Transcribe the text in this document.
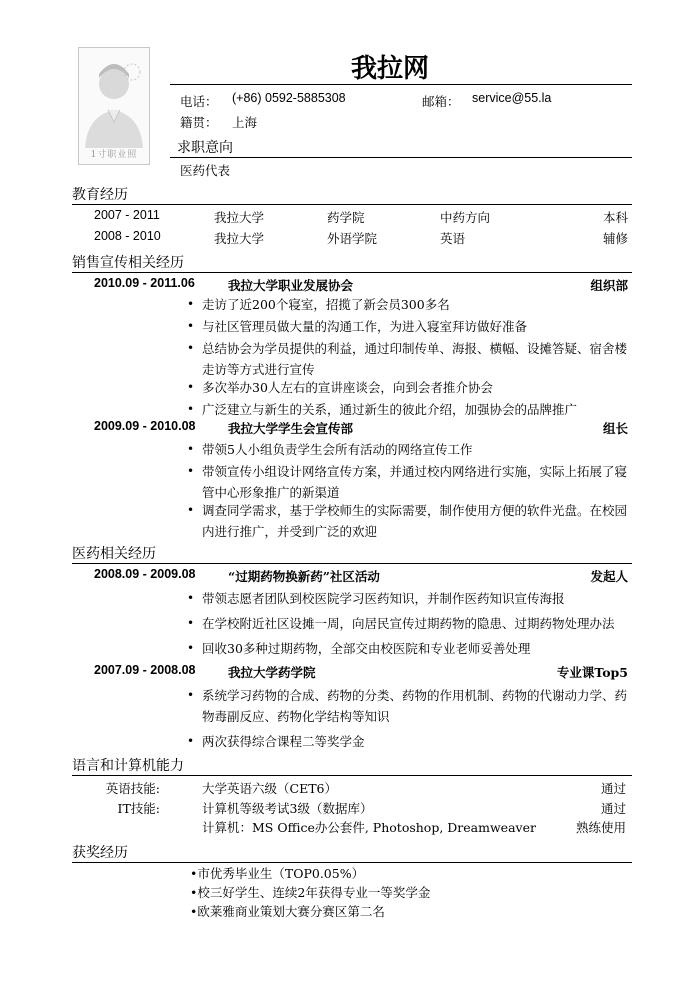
1寸职业照
我拉网
电话： (+86) 0592-5885308	邮箱： service@55.la
籍贯： 上海
求职意向
医药代表
教育经历
2007 - 2011	我拉大学	药学院	中药方向	本科
2008 - 2010	我拉大学	外语学院	英语	辅修
销售宣传相关经历
2010.09 - 2011.06	我拉大学职业发展协会	组织部
• 走访了近200个寝室，招揽了新会员300多名
• 与社区管理员做大量的沟通工作，为进入寝室拜访做好准备
• 总结协会为学员提供的利益，通过印制传单、海报、横幅、设摊答疑、宿舍楼走访等方式进行宣传
• 多次举办30人左右的宣讲座谈会，向到会者推介协会
• 广泛建立与新生的关系，通过新生的彼此介绍，加强协会的品牌推广
2009.09 - 2010.08	我拉大学学生会宣传部	组长
• 带领5人小组负责学生会所有活动的网络宣传工作
• 带领宣传小组设计网络宣传方案，并通过校内网络进行实施，实际上拓展了寝管中心形象推广的新渠道
• 调查同学需求，基于学校师生的实际需要，制作使用方便的软件光盘。在校园内进行推广，并受到广泛的欢迎
医药相关经历
2008.09 - 2009.08	“过期药物换新药”社区活动	发起人
• 带领志愿者团队到校医院学习医药知识，并制作医药知识宣传海报
• 在学校附近社区设摊一周，向居民宣传过期药物的隐患、过期药物处理办法
• 回收30多种过期药物，全部交由校医院和专业老师妥善处理
2007.09 - 2008.08	我拉大学药学院	专业课Top5
• 系统学习药物的合成、药物的分类、药物的作用机制、药物的代谢动力学、药物毒副反应、药物化学结构等知识
• 两次获得综合课程二等奖学金
语言和计算机能力
英语技能:	大学英语六级（CET6）	通过
IT技能:	计算机等级考试3级（数据库）	通过
计算机：MS Office办公套件, Photoshop, Dreamweaver	熟练使用
获奖经历
•市优秀毕业生（TOP0.05%）
•校三好学生、连续2年获得专业一等奖学金
•欧莱雅商业策划大赛分赛区第二名
